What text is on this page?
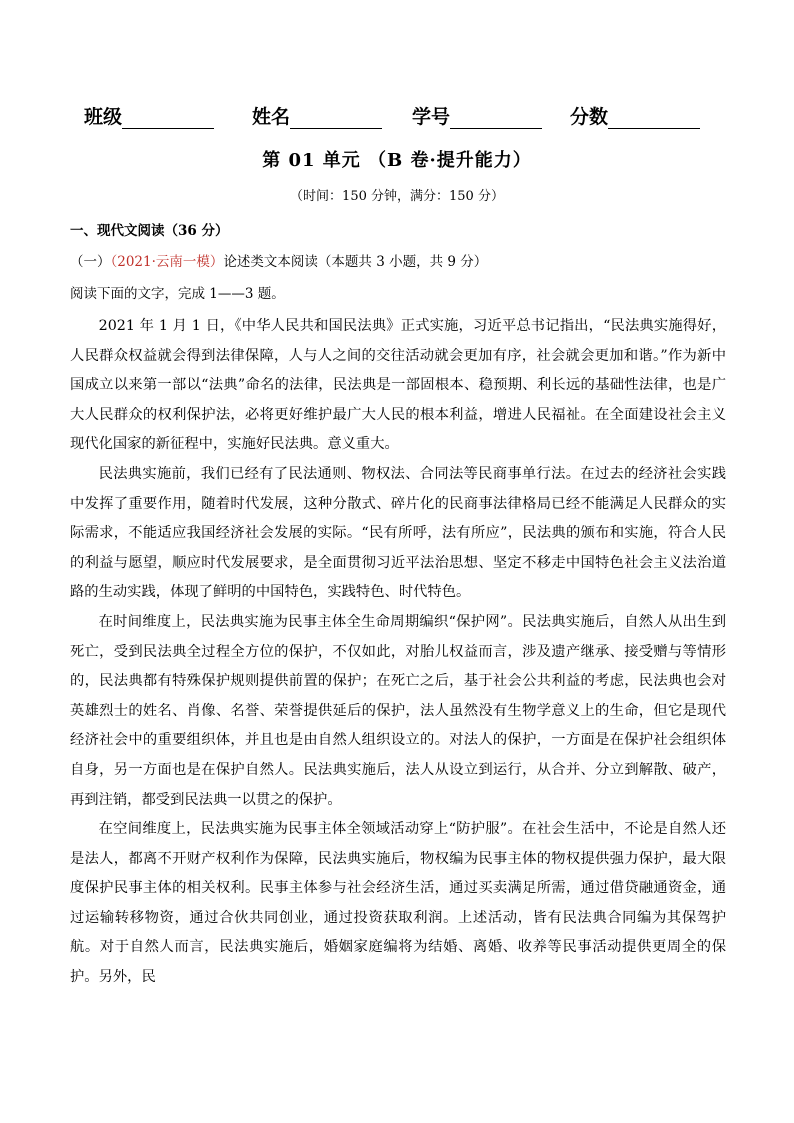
班级	姓名	学号	分数
第 01 单元 （B 卷·提升能力）
（时间：150 分钟，满分：150 分）
一、现代文阅读（36 分）
（一）（2021·云南一模）论述类文本阅读（本题共 3 小题，共 9 分）
阅读下面的文字，完成 1——3 题。

2021 年 1 月 1 日，《中华人民共和国民法典》正式实施，习近平总书记指出，“民法典实施得好，人民群众权益就会得到法律保障，人与人之间的交往活动就会更加有序，社会就会更加和谐。”作为新中国成立以来第一部以“法典”命名的法律，民法典是一部固根本、稳预期、利长远的基础性法律，也是广大人民群众的权利保护法，必将更好维护最广大人民的根本利益，增进人民福祉。在全面建设社会主义现代化国家的新征程中，实施好民法典。意义重大。

民法典实施前，我们已经有了民法通则、物权法、合同法等民商事单行法。在过去的经济社会实践中发挥了重要作用，随着时代发展，这种分散式、碎片化的民商事法律格局已经不能满足人民群众的实际需求，不能适应我国经济社会发展的实际。“民有所呼，法有所应”，民法典的颁布和实施，符合人民的利益与愿望，顺应时代发展要求，是全面贯彻习近平法治思想、坚定不移走中国特色社会主义法治道路的生动实践，体现了鲜明的中国特色，实践特色、时代特色。

在时间维度上，民法典实施为民事主体全生命周期编织“保护网”。民法典实施后，自然人从出生到死亡，受到民法典全过程全方位的保护，不仅如此，对胎儿权益而言，涉及遗产继承、接受赠与等情形的，民法典都有特殊保护规则提供前置的保护；在死亡之后，基于社会公共利益的考虑，民法典也会对英雄烈士的姓名、肖像、名誉、荣誉提供延后的保护，法人虽然没有生物学意义上的生命，但它是现代经济社会中的重要组织体，并且也是由自然人组织设立的。对法人的保护，一方面是在保护社会组织体自身，另一方面也是在保护自然人。民法典实施后，法人从设立到运行，从合并、分立到解散、破产，再到注销，都受到民法典一以贯之的保护。

在空间维度上，民法典实施为民事主体全领域活动穿上“防护服”。在社会生活中，不论是自然人还是法人，都离不开财产权利作为保障，民法典实施后，物权编为民事主体的物权提供强力保护，最大限度保护民事主体的相关权利。民事主体参与社会经济生活，通过买卖满足所需，通过借贷融通资金，通过运输转移物资，通过合伙共同创业，通过投资获取利润。上述活动，皆有民法典合同编为其保驾护航。对于自然人而言，民法典实施后，婚姻家庭编将为结婚、离婚、收养等民事活动提供更周全的保护。另外，民
